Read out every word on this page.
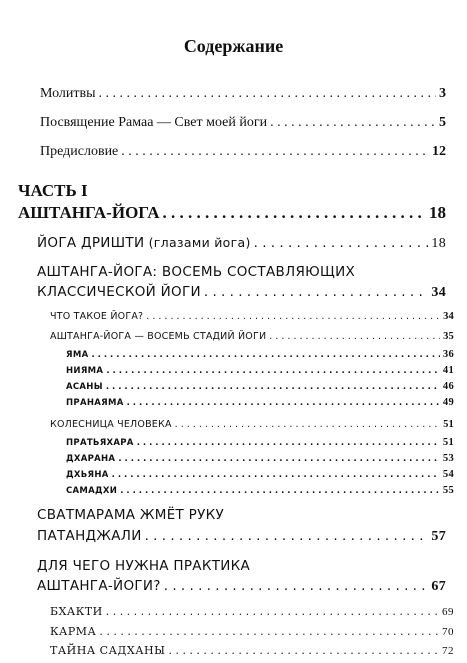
Содержание
Молитвы . . .	3
Посвящение Рамаа — Свет моей йоги . . .	5
Предисловие . . .	12
ЧАСТЬ I
АШТАНГА-ЙОГА . . .	18
ЙОГА ДРИШТИ (глазами йога) . . .	18
АШТАНГА-ЙОГА: ВОСЕМЬ СОСТАВЛЯЮЩИХ
КЛАССИЧЕСКОЙ ЙОГИ . . .	34
ЧТО ТАКОЕ ЙОГА? . . .	34
АШТАНГА-ЙОГА — ВОСЕМЬ СТАДИЙ ЙОГИ . . .	35
ЯМА . . .	36
НИЯМА . . .	41
АСАНЫ . . .	46
ПРАНАЯМА . . .	49
КОЛЕСНИЦА ЧЕЛОВЕКА . . .	51
ПРАТЬЯХАРА . . .	51
ДХАРАНА . . .	53
ДХЬЯНА . . .	54
САМАДХИ . . .	55
СВАТМАРАМА ЖМЁТ РУКУ
ПАТАНДЖАЛИ . . .	57
ДЛЯ ЧЕГО НУЖНА ПРАКТИКА
АШТАНГА-ЙОГИ? . . .	67
БХАКТИ . . .	69
КАРМА . . .	70
ТАЙНА САДХАНЫ . . .	72
